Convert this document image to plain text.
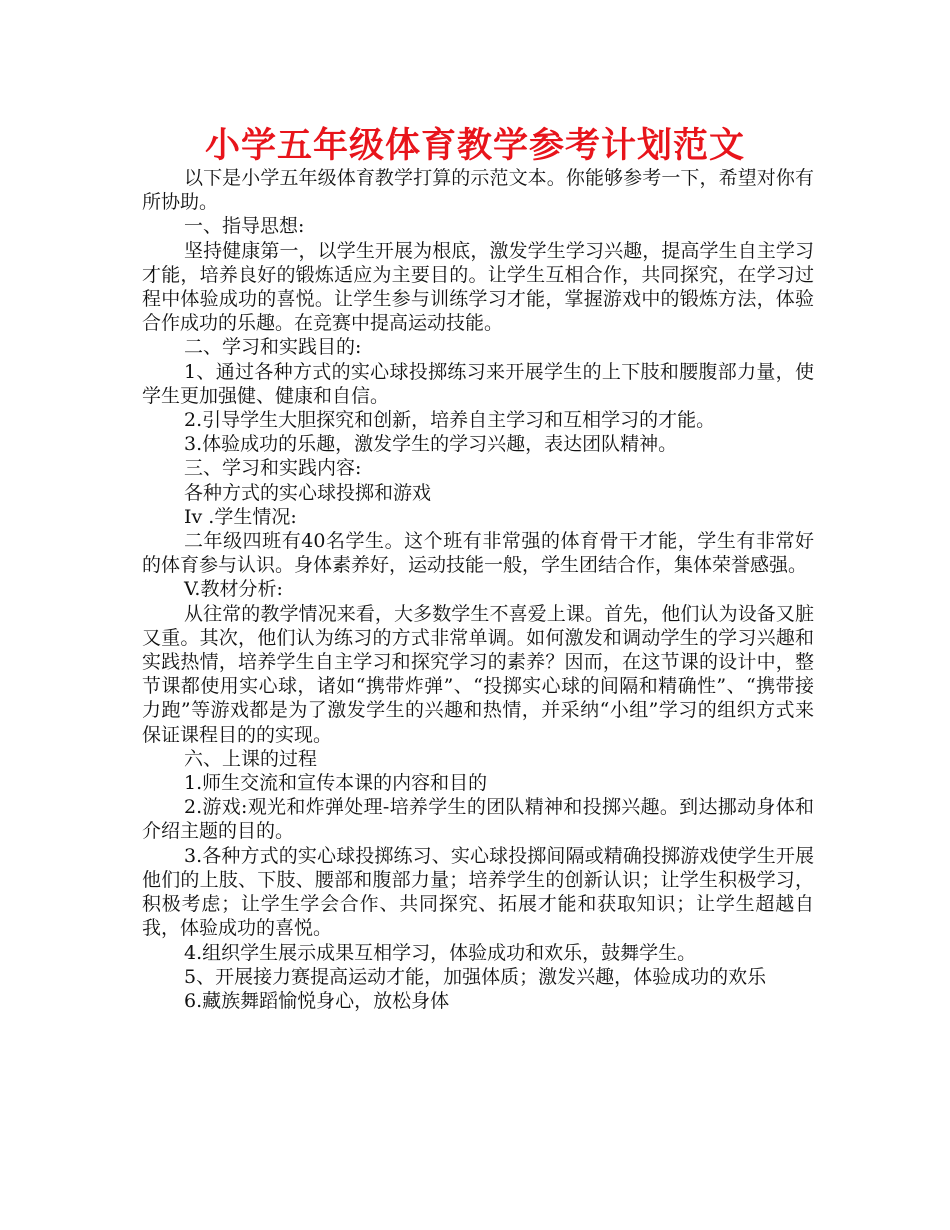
小学五年级体育教学参考计划范文

以下是小学五年级体育教学打算的示范文本。你能够参考一下，希望对你有所协助。

一、指导思想:

坚持健康第一，以学生开展为根底，激发学生学习兴趣，提高学生自主学习才能，培养良好的锻炼适应为主要目的。让学生互相合作，共同探究，在学习过程中体验成功的喜悦。让学生参与训练学习才能，掌握游戏中的锻炼方法，体验合作成功的乐趣。在竞赛中提高运动技能。

二、学习和实践目的:

1、通过各种方式的实心球投掷练习来开展学生的上下肢和腰腹部力量，使学生更加强健、健康和自信。

2.引导学生大胆探究和创新，培养自主学习和互相学习的才能。

3.体验成功的乐趣，激发学生的学习兴趣，表达团队精神。

三、学习和实践内容:

各种方式的实心球投掷和游戏

Iv .学生情况:

二年级四班有40名学生。这个班有非常强的体育骨干才能，学生有非常好的体育参与认识。身体素养好，运动技能一般，学生团结合作，集体荣誉感强。

V.教材分析:

从往常的教学情况来看，大多数学生不喜爱上课。首先，他们认为设备又脏又重。其次，他们认为练习的方式非常单调。如何激发和调动学生的学习兴趣和实践热情，培养学生自主学习和探究学习的素养？因而，在这节课的设计中，整节课都使用实心球，诸如“携带炸弹”、“投掷实心球的间隔和精确性”、“携带接力跑”等游戏都是为了激发学生的兴趣和热情，并采纳“小组”学习的组织方式来保证课程目的的实现。

六、上课的过程

1.师生交流和宣传本课的内容和目的

2.游戏:观光和炸弹处理-培养学生的团队精神和投掷兴趣。到达挪动身体和介绍主题的目的。

3.各种方式的实心球投掷练习、实心球投掷间隔或精确投掷游戏使学生开展他们的上肢、下肢、腰部和腹部力量；培养学生的创新认识；让学生积极学习，积极考虑；让学生学会合作、共同探究、拓展才能和获取知识；让学生超越自我，体验成功的喜悦。

4.组织学生展示成果互相学习，体验成功和欢乐，鼓舞学生。

5、开展接力赛提高运动才能，加强体质；激发兴趣，体验成功的欢乐

6.藏族舞蹈愉悦身心，放松身体
